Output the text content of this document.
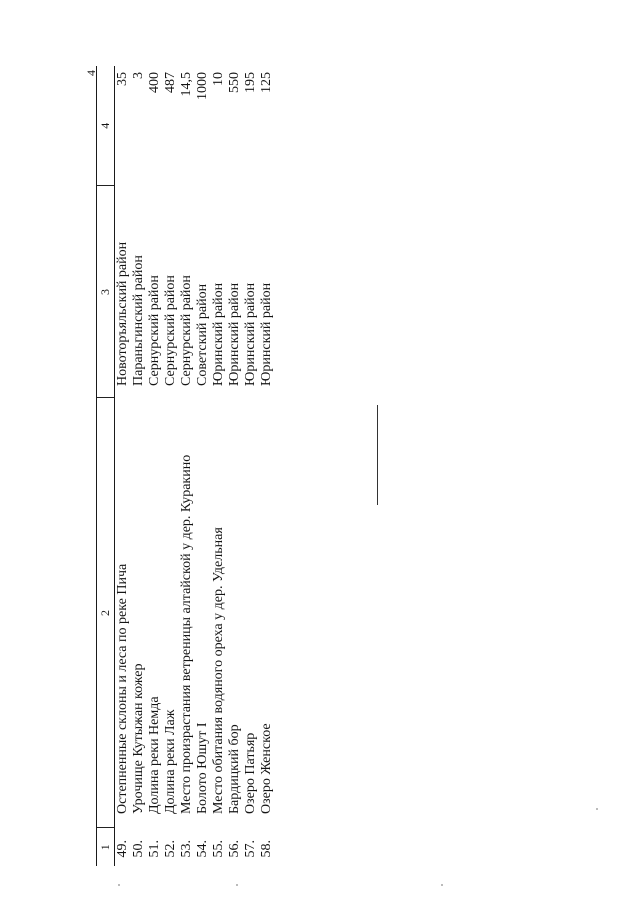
4
1	2	3	4
49.	Остепненные склоны и леса по реке Пича	Новоторъяльский район	35
50.	Урочище Кутыжан кожер	Параньгинский район	3
51.	Долина реки Немда	Сернурский район	400
52.	Долина реки Лаж	Сернурский район	487
53.	Место произрастания ветреницы алтайской у дер. Куракино	Сернурский район	14,5
54.	Болото Юшут I	Советский район	1000
55.	Место обитания водяного ореха у дер. Удельная	Юринский район	10
56.	Бардицкий бор	Юринский район	550
57.	Озеро Патьяр	Юринский район	195
58.	Озеро Женское	Юринский район	125
